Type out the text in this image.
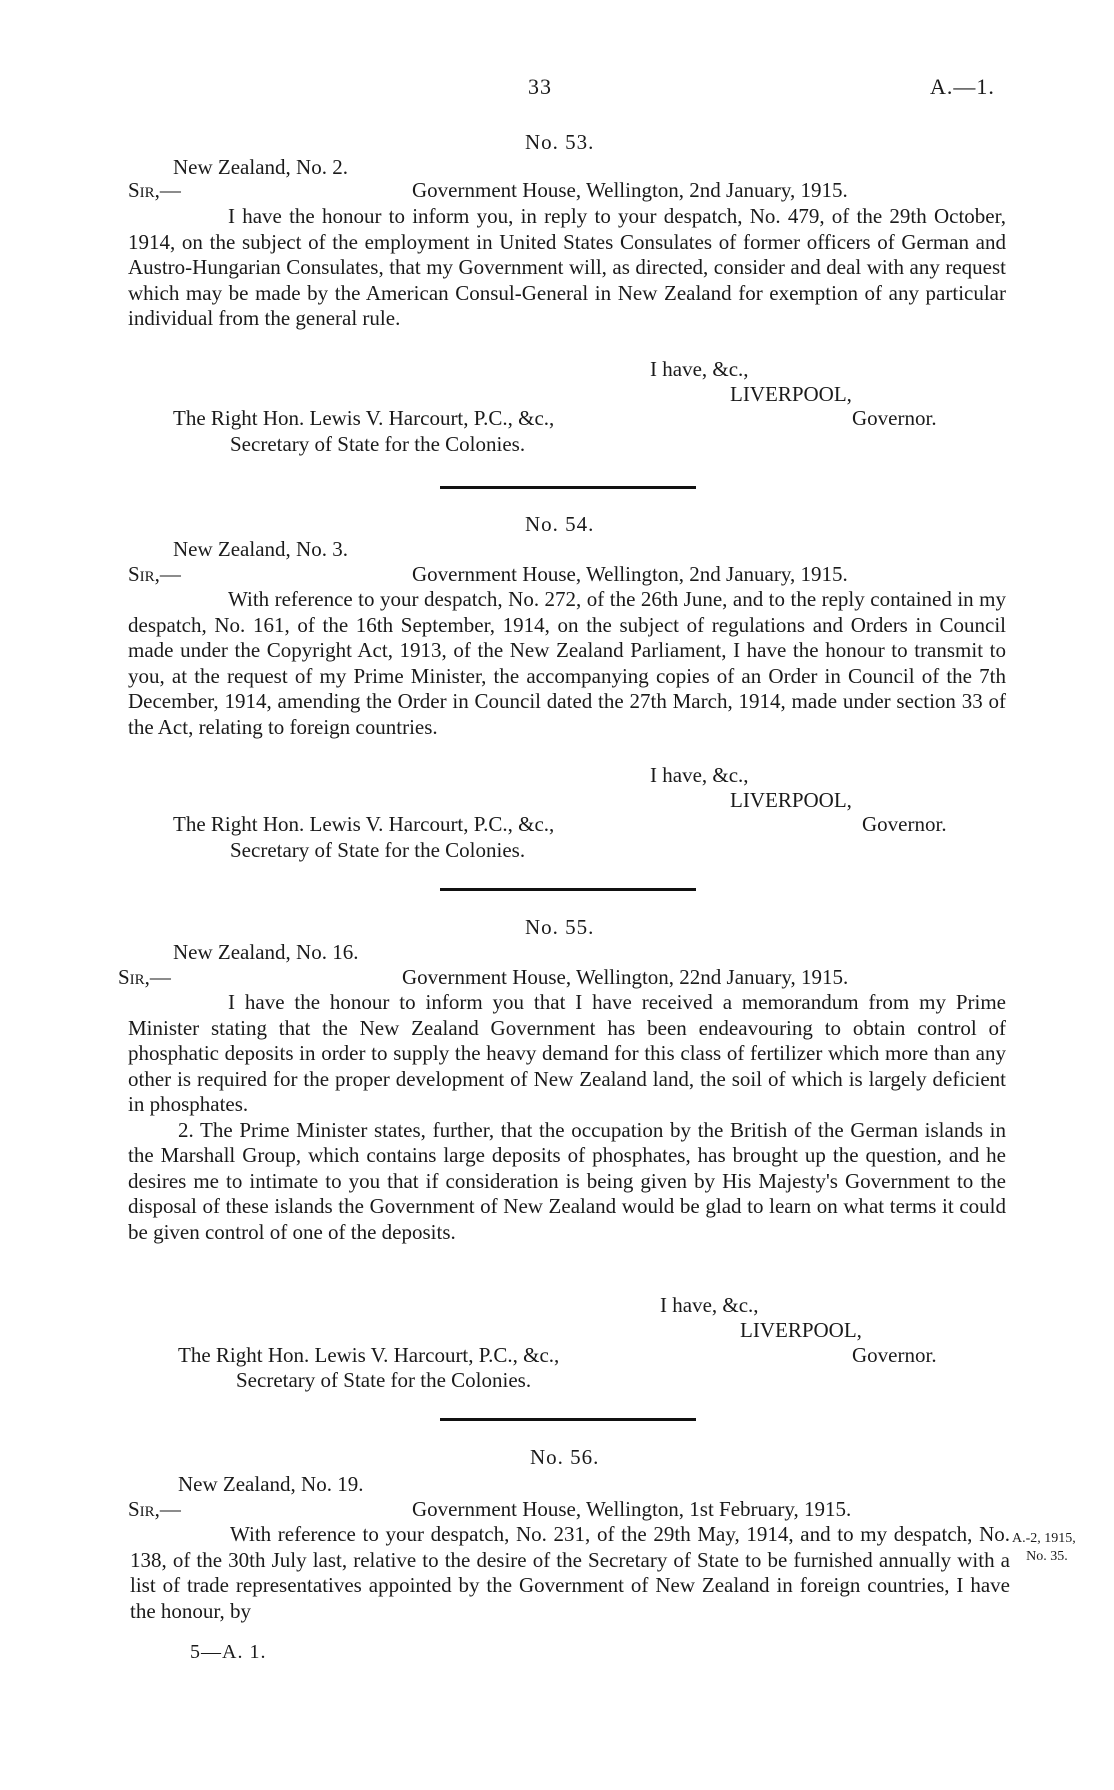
33	A.—1.
No. 53.
New Zealand, No. 2.
Sir,—	Government House, Wellington, 2nd January, 1915.

I have the honour to inform you, in reply to your despatch, No. 479, of the 29th October, 1914, on the subject of the employment in United States Consulates of former officers of German and Austro-Hungarian Consulates, that my Government will, as directed, consider and deal with any request which may be made by the American Consul-General in New Zealand for exemption of any particular individual from the general rule.

I have, &c.,
LIVERPOOL,
The Right Hon. Lewis V. Harcourt, P.C., &c.,	Governor.
Secretary of State for the Colonies.
No. 54.
New Zealand, No. 3.
Sir,—	Government House, Wellington, 2nd January, 1915.

With reference to your despatch, No. 272, of the 26th June, and to the reply contained in my despatch, No. 161, of the 16th September, 1914, on the subject of regulations and Orders in Council made under the Copyright Act, 1913, of the New Zealand Parliament, I have the honour to transmit to you, at the request of my Prime Minister, the accompanying copies of an Order in Council of the 7th December, 1914, amending the Order in Council dated the 27th March, 1914, made under section 33 of the Act, relating to foreign countries.

I have, &c.,
LIVERPOOL,
The Right Hon. Lewis V. Harcourt, P.C., &c.,	Governor.
Secretary of State for the Colonies.
No. 55.
New Zealand, No. 16.
Sir,—	Government House, Wellington, 22nd January, 1915.

I have the honour to inform you that I have received a memorandum from my Prime Minister stating that the New Zealand Government has been endeavouring to obtain control of phosphatic deposits in order to supply the heavy demand for this class of fertilizer which more than any other is required for the proper development of New Zealand land, the soil of which is largely deficient in phosphates.

2. The Prime Minister states, further, that the occupation by the British of the German islands in the Marshall Group, which contains large deposits of phosphates, has brought up the question, and he desires me to intimate to you that if consideration is being given by His Majesty's Government to the disposal of these islands the Government of New Zealand would be glad to learn on what terms it could be given control of one of the deposits.

I have, &c.,
LIVERPOOL,
The Right Hon. Lewis V. Harcourt, P.C., &c.,	Governor.
Secretary of State for the Colonies.
No. 56.
New Zealand, No. 19.
Sir,—	Government House, Wellington, 1st February, 1915.

With reference to your despatch, No. 231, of the 29th May, 1914, and to my despatch, No. 138, of the 30th July last, relative to the desire of the Secretary of State to be furnished annually with a list of trade representatives appointed by the Government of New Zealand in foreign countries, I have the honour, by

A.-2, 1915,
No. 35.
5—A. 1.
